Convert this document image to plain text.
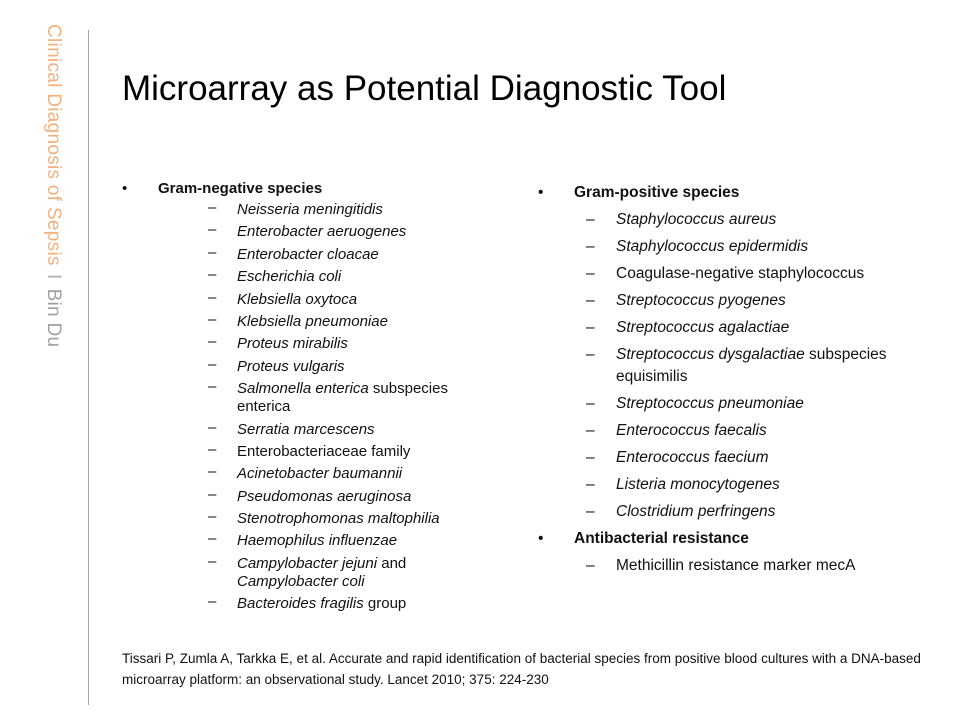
Clinical Diagnosis of Sepsis I Bin Du
Microarray as Potential Diagnostic Tool
• Gram-negative species
– Neisseria meningitidis
– Enterobacter aeruogenes
– Enterobacter cloacae
– Escherichia coli
– Klebsiella oxytoca
– Klebsiella pneumoniae
– Proteus mirabilis
– Proteus vulgaris
– Salmonella enterica subspecies enterica
– Serratia marcescens
– Enterobacteriaceae family
– Acinetobacter baumannii
– Pseudomonas aeruginosa
– Stenotrophomonas maltophilia
– Haemophilus influenzae
– Campylobacter jejuni and Campylobacter coli
– Bacteroides fragilis group
• Gram-positive species
– Staphylococcus aureus
– Staphylococcus epidermidis
– Coagulase-negative staphylococcus
– Streptococcus pyogenes
– Streptococcus agalactiae
– Streptococcus dysgalactiae subspecies equisimilis
– Streptococcus pneumoniae
– Enterococcus faecalis
– Enterococcus faecium
– Listeria monocytogenes
– Clostridium perfringens
• Antibacterial resistance
– Methicillin resistance marker mecA
Tissari P, Zumla A, Tarkka E, et al. Accurate and rapid identification of bacterial species from positive blood cultures with a DNA-based microarray platform: an observational study. Lancet 2010; 375: 224-230
